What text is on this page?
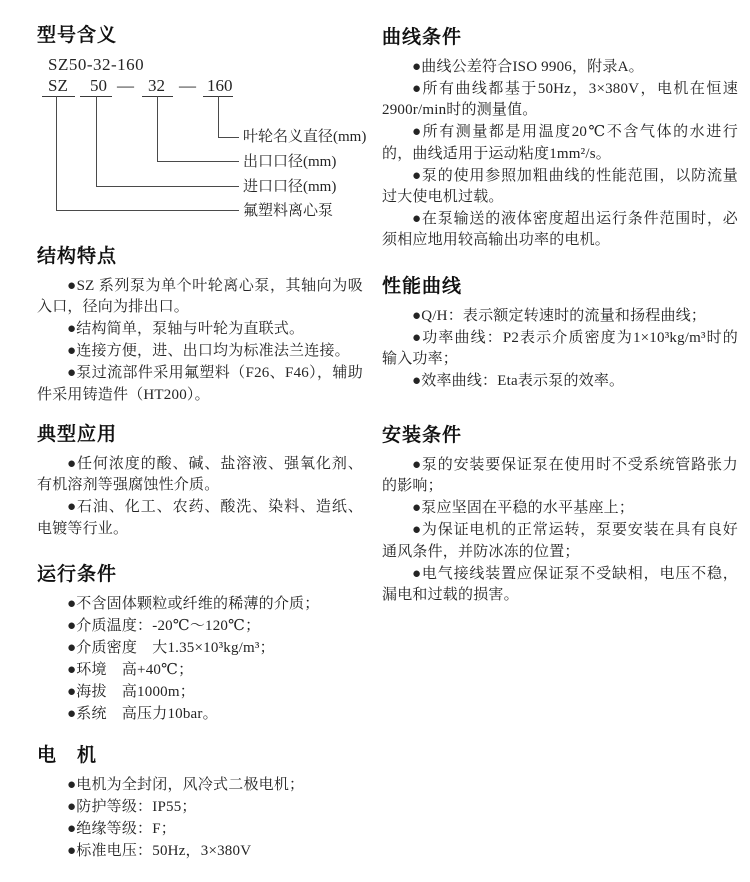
型号含义
SZ50-32-160
SZ 50 — 32 — 160
叶轮名义直径(mm)
出口口径(mm)
进口口径(mm)
氟塑料离心泵
结构特点

●SZ 系列泵为单个叶轮离心泵，其轴向为吸入口，径向为排出口。

●结构简单，泵轴与叶轮为直联式。

●连接方便，进、出口均为标准法兰连接。

●泵过流部件采用氟塑料（F26、F46），辅助件采用铸造件（HT200）。

典型应用

●任何浓度的酸、碱、盐溶液、强氧化剂、有机溶剂等强腐蚀性介质。

●石油、化工、农药、酸洗、染料、造纸、电镀等行业。

运行条件

●不含固体颗粒或纤维的稀薄的介质；

●介质温度：-20℃～120℃；

●介质密度　大1.35×10³kg/m³；

●环境　高+40℃；

●海拔　高1000m；

●系统　高压力10bar。

电　机

●电机为全封闭，风冷式二极电机；

●防护等级：IP55；

●绝缘等级：F；

●标准电压：50Hz，3×380V

曲线条件

●曲线公差符合ISO 9906，附录A。

●所有曲线都基于50Hz，3×380V，电机在恒速2900r/min时的测量值。

●所有测量都是用温度20℃不含气体的水进行的，曲线适用于运动粘度1mm²/s。

●泵的使用参照加粗曲线的性能范围，以防流量过大使电机过载。

●在泵输送的液体密度超出运行条件范围时，必须相应地用较高输出功率的电机。

性能曲线

●Q/H：表示额定转速时的流量和扬程曲线；

●功率曲线：P2表示介质密度为1×10³kg/m³时的输入功率；

●效率曲线：Eta表示泵的效率。

安装条件

●泵的安装要保证泵在使用时不受系统管路张力的影响；

●泵应坚固在平稳的水平基座上；

●为保证电机的正常运转，泵要安装在具有良好通风条件，并防冰冻的位置；

●电气接线装置应保证泵不受缺相，电压不稳，漏电和过载的损害。
